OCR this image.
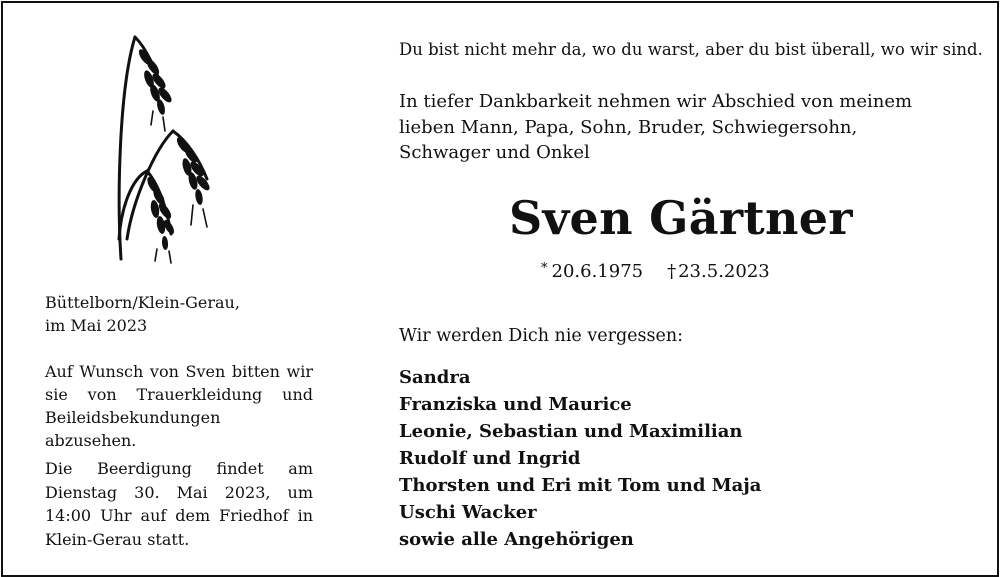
Büttelborn/Klein-Gerau,
im Mai 2023
Auf Wunsch von Sven bitten wir sie von Trauerkleidung und Beileidsbekundungen abzusehen.
Die Beerdigung findet am Dienstag 30. Mai 2023, um 14:00 Uhr auf dem Friedhof in Klein-Gerau statt.
Du bist nicht mehr da, wo du warst, aber du bist überall, wo wir sind.
In tiefer Dankbarkeit nehmen wir Abschied von meinem
lieben Mann, Papa, Sohn, Bruder, Schwiegersohn,
Schwager und Onkel
Sven Gärtner
* 20.6.1975 † 23.5.2023
Wir werden Dich nie vergessen:
Sandra
Franziska und Maurice
Leonie, Sebastian und Maximilian
Rudolf und Ingrid
Thorsten und Eri mit Tom und Maja
Uschi Wacker
sowie alle Angehörigen
